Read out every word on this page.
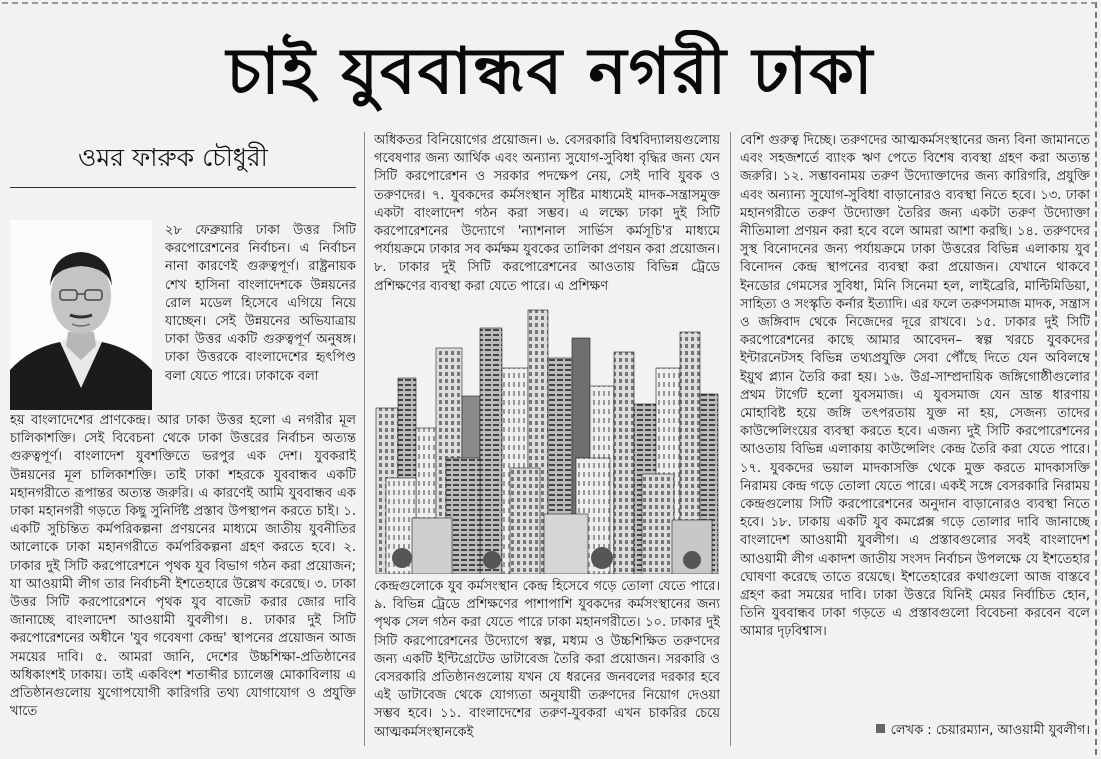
চাই যুববান্ধব নগরী ঢাকা
ওমর ফারুক চৌধুরী

২৮ ফেব্রুয়ারি ঢাকা উত্তর সিটি করপোরেশনের নির্বাচন। এ নির্বাচন নানা কারণেই গুরুত্বপূর্ণ। রাষ্ট্রনায়ক শেখ হাসিনা বাংলাদেশকে উন্নয়নের রোল মডেল হিসেবে এগিয়ে নিয়ে যাচ্ছেন। সেই উন্নয়নের অভিযাত্রায় ঢাকা উত্তর একটি গুরুত্বপূর্ণ অনুষঙ্গ। ঢাকা উত্তরকে বাংলাদেশের হৃৎপিণ্ড বলা যেতে পারে। ঢাকাকে বলা

হয় বাংলাদেশের প্রাণকেন্দ্র। আর ঢাকা উত্তর হলো এ নগরীর মূল চালিকাশক্তি। সেই বিবেচনা থেকে ঢাকা উত্তরের নির্বাচন অত্যন্ত গুরুত্বপূর্ণ। বাংলাদেশ যুবশক্তিতে ভরপুর এক দেশ। যুবকরাই উন্নয়নের মূল চালিকাশক্তি। তাই ঢাকা শহরকে যুববান্ধব একটি মহানগরীতে রূপান্তর অত্যন্ত জরুরি। এ কারণেই আমি যুববান্ধব এক ঢাকা মহানগরী গড়তে কিছু সুনির্দিষ্ট প্রস্তাব উপস্থাপন করতে চাই। ১. একটি সুচিন্তিত কর্মপরিকল্পনা প্রণয়নের মাধ্যমে জাতীয় যুবনীতির আলোকে ঢাকা মহানগরীতে কর্মপরিকল্পনা গ্রহণ করতে হবে। ২. ঢাকার দুই সিটি করপোরেশনে পৃথক যুব বিভাগ গঠন করা প্রয়োজন; যা আওয়ামী লীগ তার নির্বাচনী ইশতেহারে উল্লেখ করেছে। ৩. ঢাকা উত্তর সিটি করপোরেশনে পৃথক যুব বাজেট করার জোর দাবি জানাচ্ছে বাংলাদেশ আওয়ামী যুবলীগ। ৪. ঢাকার দুই সিটি করপোরেশনের অধীনে 'যুব গবেষণা কেন্দ্র' স্থাপনের প্রয়োজন আজ সময়ের দাবি। ৫. আমরা জানি, দেশের উচ্চশিক্ষা-প্রতিষ্ঠানের অধিকাংশই ঢাকায়। তাই একবিংশ শতাব্দীর চ্যালেঞ্জ মোকাবিলায় এ প্রতিষ্ঠানগুলোয় যুগোপযোগী কারিগরি তথ্য যোগাযোগ ও প্রযুক্তি খাতে

অধিকতর বিনিয়োগের প্রয়োজন। ৬. বেসরকারি বিশ্ববিদ্যালয়গুলোয় গবেষণার জন্য আর্থিক এবং অন্যান্য সুযোগ-সুবিধা বৃদ্ধির জন্য যেন সিটি করপোরেশন ও সরকার পদক্ষেপ নেয়, সেই দাবি যুবক ও তরুণদের। ৭. যুবকদের কর্মসংস্থান সৃষ্টির মাধ্যমেই মাদক-সন্ত্রাসমুক্ত একটা বাংলাদেশ গঠন করা সম্ভব। এ লক্ষ্যে ঢাকা দুই সিটি করপোরেশনের উদ্যোগে 'ন্যাশনাল সার্ভিস কর্মসূচি'র মাধ্যমে পর্যায়ক্রমে ঢাকার সব কর্মক্ষম যুবকের তালিকা প্রণয়ন করা প্রয়োজন। ৮. ঢাকার দুই সিটি করপোরেশনের আওতায় বিভিন্ন ট্রেডে প্রশিক্ষণের ব্যবস্থা করা যেতে পারে। এ প্রশিক্ষণ

কেন্দ্রগুলোকে যুব কর্মসংস্থান কেন্দ্র হিসেবে গড়ে তোলা যেতে পারে। ৯. বিভিন্ন ট্রেডে প্রশিক্ষণের পাশাপাশি যুবকদের কর্মসংস্থানের জন্য পৃথক সেল গঠন করা যেতে পারে ঢাকা মহানগরীতে। ১০. ঢাকার দুই সিটি করপোরেশনের উদ্যোগে স্বল্প, মধ্যম ও উচ্চশিক্ষিত তরুণদের জন্য একটি ইন্টিগ্রেটেড ডাটাবেজ তৈরি করা প্রয়োজন। সরকারি ও বেসরকারি প্রতিষ্ঠানগুলোয় যখন যে ধরনের জনবলের দরকার হবে এই ডাটাবেজ থেকে যোগ্যতা অনুযায়ী তরুণদের নিয়োগ দেওয়া সম্ভব হবে। ১১. বাংলাদেশের তরুণ-যুবকরা এখন চাকরির চেয়ে আত্মকর্মসংস্থানকেই

বেশি গুরুত্ব দিচ্ছে। তরুণদের আত্মকর্মসংস্থানের জন্য বিনা জামানতে এবং সহজশর্তে ব্যাংক ঋণ পেতে বিশেষ ব্যবস্থা গ্রহণ করা অত্যন্ত জরুরি। ১২. সম্ভাবনাময় তরুণ উদ্যোক্তাদের জন্য কারিগরি, প্রযুক্তি এবং অন্যান্য সুযোগ-সুবিধা বাড়ানোরও ব্যবস্থা নিতে হবে। ১৩. ঢাকা মহানগরীতে তরুণ উদ্যোক্তা তৈরির জন্য একটা তরুণ উদ্যোক্তা নীতিমালা প্রণয়ন করা হবে বলে আমরা আশা করছি। ১৪. তরুণদের সুস্থ বিনোদনের জন্য পর্যায়ক্রমে ঢাকা উত্তরের বিভিন্ন এলাকায় যুব বিনোদন কেন্দ্র স্থাপনের ব্যবস্থা করা প্রয়োজন। যেখানে থাকবে ইনডোর গেমসের সুবিধা, মিনি সিনেমা হল, লাইব্রেরি, মাল্টিমিডিয়া, সাহিত্য ও সংস্কৃতি কর্নার ইত্যাদি। এর ফলে তরুণসমাজ মাদক, সন্ত্রাস ও জঙ্গিবাদ থেকে নিজেদের দূরে রাখবে। ১৫. ঢাকার দুই সিটি করপোরেশনের কাছে আমার আবেদন– স্বল্প খরচে যুবকদের ইন্টারনেটসহ বিভিন্ন তথ্যপ্রযুক্তি সেবা পৌঁছে দিতে যেন অবিলম্বে ইয়ুথ প্ল্যান তৈরি করা হয়। ১৬. উগ্র-সাম্প্রদায়িক জঙ্গিগোষ্ঠীগুলোর প্রথম টার্গেট হলো যুবসমাজ। এ যুবসমাজ যেন ভ্রান্ত ধারণায় মোহাবিষ্ট হয়ে জঙ্গি তৎপরতায় যুক্ত না হয়, সেজন্য তাদের কাউন্সেলিংয়ের ব্যবস্থা করতে হবে। এজন্য দুই সিটি করপোরেশনের আওতায় বিভিন্ন এলাকায় কাউন্সেলিং কেন্দ্র তৈরি করা যেতে পারে। ১৭. যুবকদের ভয়াল মাদকাসক্তি থেকে মুক্ত করতে মাদকাসক্তি নিরাময় কেন্দ্র গড়ে তোলা যেতে পারে। একই সঙ্গে বেসরকারি নিরাময় কেন্দ্রগুলোয় সিটি করপোরেশনের অনুদান বাড়ানোরও ব্যবস্থা নিতে হবে। ১৮. ঢাকায় একটি যুব কমপ্লেক্স গড়ে তোলার দাবি জানাচ্ছে বাংলাদেশ আওয়ামী যুবলীগ। এ প্রস্তাবগুলোর সবই বাংলাদেশ আওয়ামী লীগ একাদশ জাতীয় সংসদ নির্বাচন উপলক্ষে যে ইশতেহার ঘোষণা করেছে তাতে রয়েছে। ইশতেহারের কথাগুলো আজ বাস্তবে গ্রহণ করা সময়ের দাবি। ঢাকা উত্তরে যিনিই মেয়র নির্বাচিত হোন, তিনি যুববান্ধব ঢাকা গড়তে এ প্রস্তাবগুলো বিবেচনা করবেন বলে আমার দৃঢ়বিশ্বাস।

লেখক : চেয়ারম্যান, আওয়ামী যুবলীগ।
